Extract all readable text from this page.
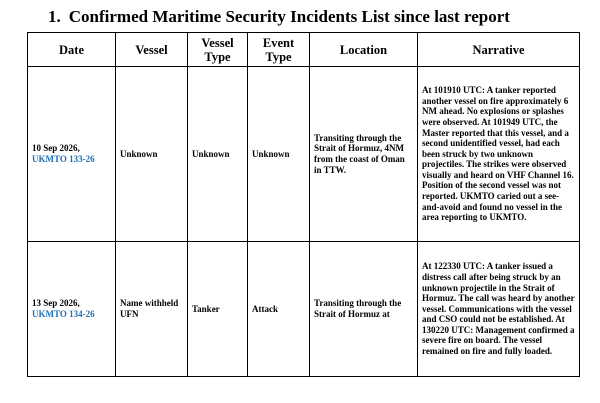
1. Confirmed Maritime Security Incidents List since last report
Date	Vessel	Vessel Type	Event Type	Location	Narrative

10 Sep 2026,
UKMTO 133-26	Unknown	Unknown	Unknown	Transiting through the Strait of Hormuz, 4NM from the coast of Oman in TTW.	At 101910 UTC: A tanker reported another vessel on fire approximately 6 NM ahead. No explosions or splashes were observed. At 101949 UTC, the Master reported that this vessel, and a second unidentified vessel, had each been struck by two unknown projectiles. The strikes were observed visually and heard on VHF Channel 16. Position of the second vessel was not reported. UKMTO caried out a see-and-avoid and found no vessel in the area reporting to UKMTO.

13 Sep 2026,
UKMTO 134-26	Name withheld UFN	Tanker	Attack	Transiting through the Strait of Hormuz at	At 122330 UTC: A tanker issued a distress call after being struck by an unknown projectile in the Strait of Hormuz. The call was heard by another vessel. Communications with the vessel and CSO could not be established. At 130220 UTC: Management confirmed a severe fire on board. The vessel remained on fire and fully loaded.
